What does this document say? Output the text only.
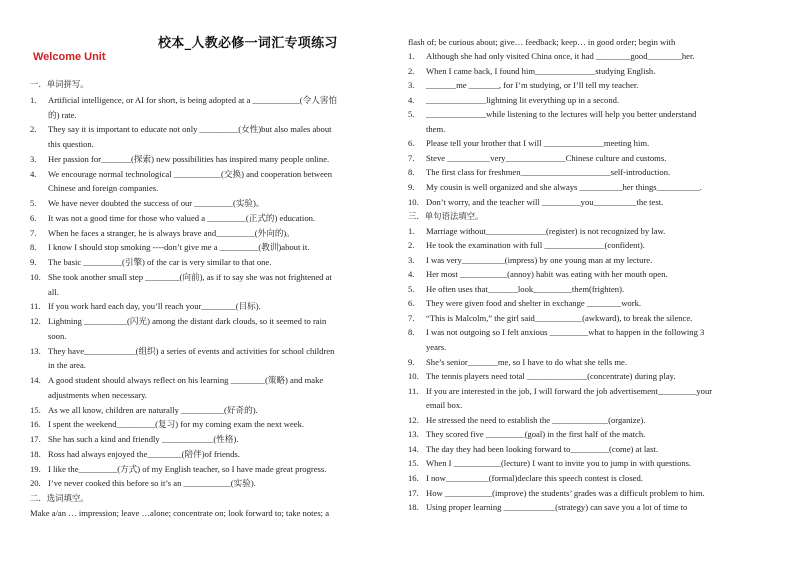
校本_人教必修一词汇专项练习
Welcome Unit
一．单词拼写。
1. Artificial intelligence, or AI for short, is being adopted at a ___________(令人害怕
的) rate.
2. They say it is important to educate not only _________(女性)but also males about
this question.
3. Her passion for_______(探索) new possibilities has inspired many people online.
4. We encourage normal technological ___________(交换) and cooperation between
Chinese and foreign companies.
5. We have never doubted the success of our _________(实验)。
6. It was not a good time for those who valued a _________(正式的) education.
7. When he faces a stranger, he is always brave and_________(外向的)。
8. I know I should stop smoking ----don’t give me a _________(教训)about it.
9. The basic _________(引擎) of the car is very similar to that one.
10. She took another small step ________(向前), as if to say she was not frightened at
all.
11. If you work hard each day, you’ll reach your________(目标).
12. Lightning __________(闪光) among the distant dark clouds, so it seemed to rain
soon.
13. They have____________(组织) a series of events and activities for school children
in the area.
14. A good student should always reflect on his learning ________(策略) and make
adjustments when necessary.
15. As we all know, children are naturally __________(好奇的).
16. I spent the weekend_________(复习) for my coming exam the next week.
17. She has such a kind and friendly ____________(性格).
18. Ross had always enjoyed the________(陪伴)of friends.
19. I like the_________(方式) of my English teacher, so I have made great progress.
20. I’ve never cooked this before so it’s an ___________(实验).
二．选词填空。
Make a/an … impression; leave …alone; concentrate on; look forward to; take notes; a
flash of; be curious about; give… feedback; keep… in good order; begin with
1. Although she had only visited China once, it had ________good________her.
2. When I came back, I found him______________studying English.
3. _______me _______, for I’m studying, or I’ll tell my teacher.
4. ______________lightning lit everything up in a second.
5. ______________while listening to the lectures will help you better understand
them.
6. Please tell your brother that I will ______________meeting him.
7. Steve __________very______________Chinese culture and customs.
8. The first class for freshmen_____________________self-introduction.
9. My cousin is well organized and she always __________her things__________.
10. Don’t worry, and the teacher will _________you__________the test.
三．单句语法填空。
1. Marriage without______________(register) is not recognized by law.
2. He took the examination with full ______________(confident).
3. I was very__________(impress) by one young man at my lecture.
4. Her most ___________(annoy) habit was eating with her mouth open.
5. He often uses that_______look_________them(frighten).
6. They were given food and shelter in exchange ________work.
7. “This is Malcolm,” the girl said___________(awkward), to break the silence.
8. I was not outgoing so I felt anxious _________what to happen in the following 3
years.
9. She’s senior_______me, so I have to do what she tells me.
10. The tennis players need total ______________(concentrate) during play.
11. If you are interested in the job, I will forward the job advertisement_________your
email box.
12. He stressed the need to establish the _____________(organize).
13. They scored five _________(goal) in the first half of the match.
14. The day they had been looking forward to_________(come) at last.
15. When I ___________(lecture) I want to invite you to jump in with questions.
16. I now__________(formal)declare this speech contest is closed.
17. How ___________(improve) the students’ grades was a difficult problem to him.
18. Using proper learning ____________(strategy) can save you a lot of time to
